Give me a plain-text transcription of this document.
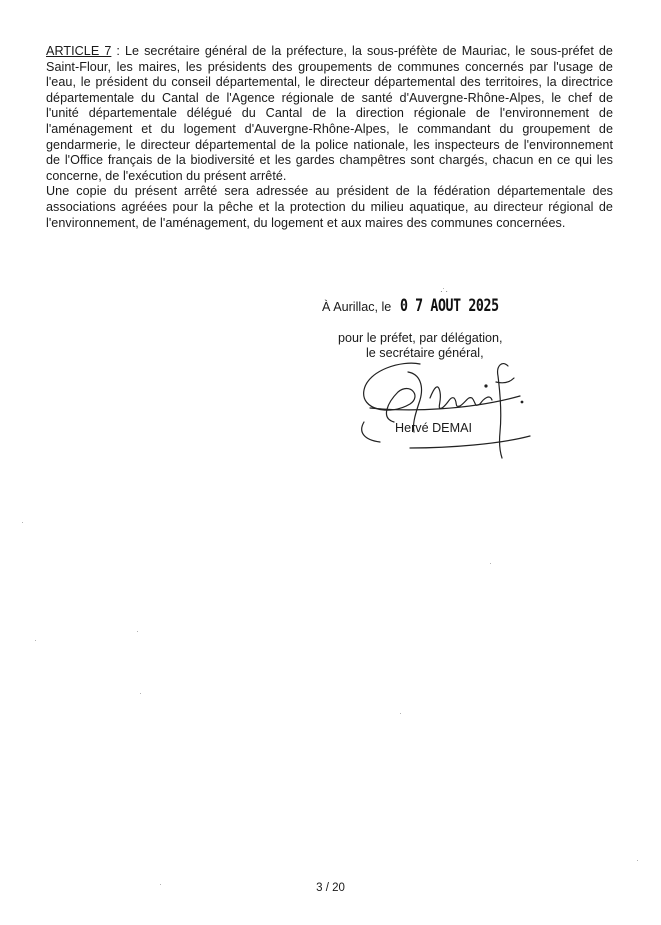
ARTICLE 7 : Le secrétaire général de la préfecture, la sous-préfète de Mauriac, le sous-préfet de Saint-Flour, les maires, les présidents des groupements de communes concernés par l'usage de l'eau, le président du conseil départemental, le directeur départemental des territoires, la directrice départementale du Cantal de l'Agence régionale de santé d'Auvergne-Rhône-Alpes, le chef de l'unité départementale délégué du Cantal de la direction régionale de l'environnement de l'aménagement et du logement d'Auvergne-Rhône-Alpes, le commandant du groupement de gendarmerie, le directeur départemental de la police nationale, les inspecteurs de l'environnement de l'Office français de la biodiversité et les gardes champêtres sont chargés, chacun en ce qui les concerne, de l'exécution du présent arrêté.

Une copie du présent arrêté sera adressée au président de la fédération départementale des associations agréées pour la pêche et la protection du milieu aquatique, au directeur régional de l'environnement, de l'aménagement, du logement et aux maires des communes concernées.

À Aurillac, le
·˙·
0 7 AOUT 2025
pour le préfet, par délégation,
le secrétaire général,
Hervé DEMAI
3 / 20
